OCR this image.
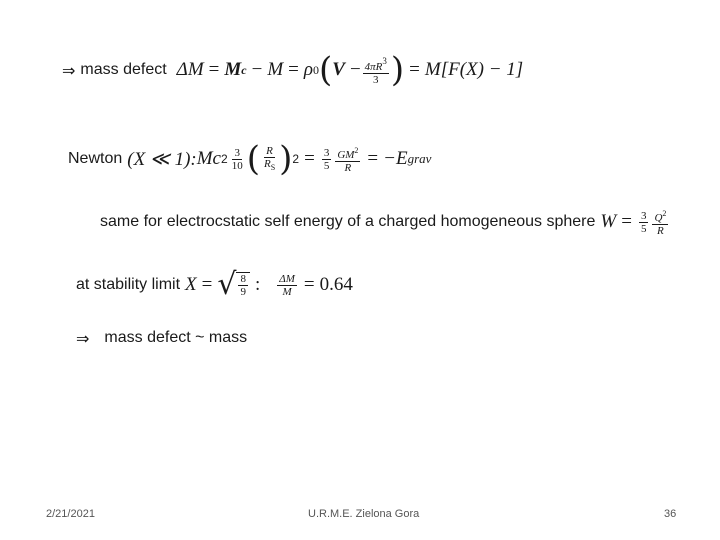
⇒ mass defect ΔM = M c − M = ρ 0 ( $V - \frac{4\pi R^3}{3}$ ) = M[F(X) − 1]
Newton (X ≪ 1): Mc $2 \frac{3}{10}$ ( $\frac{R}{R_S}$ ) $2 = \frac{3}{5} \frac{GM^2}{R} = -E$ grav
same for electrocstatic self energy of a charged homogeneous sphere $W = \frac{3}{5} \frac{Q^2}{R}$
at stability limit X = √ $\frac{8}{9}$ : $\frac{\Delta M}{M} = 0.64$
⇒ mass defect ~ mass
2/21/2021	U.R.M.E. Zielona Gora	36
